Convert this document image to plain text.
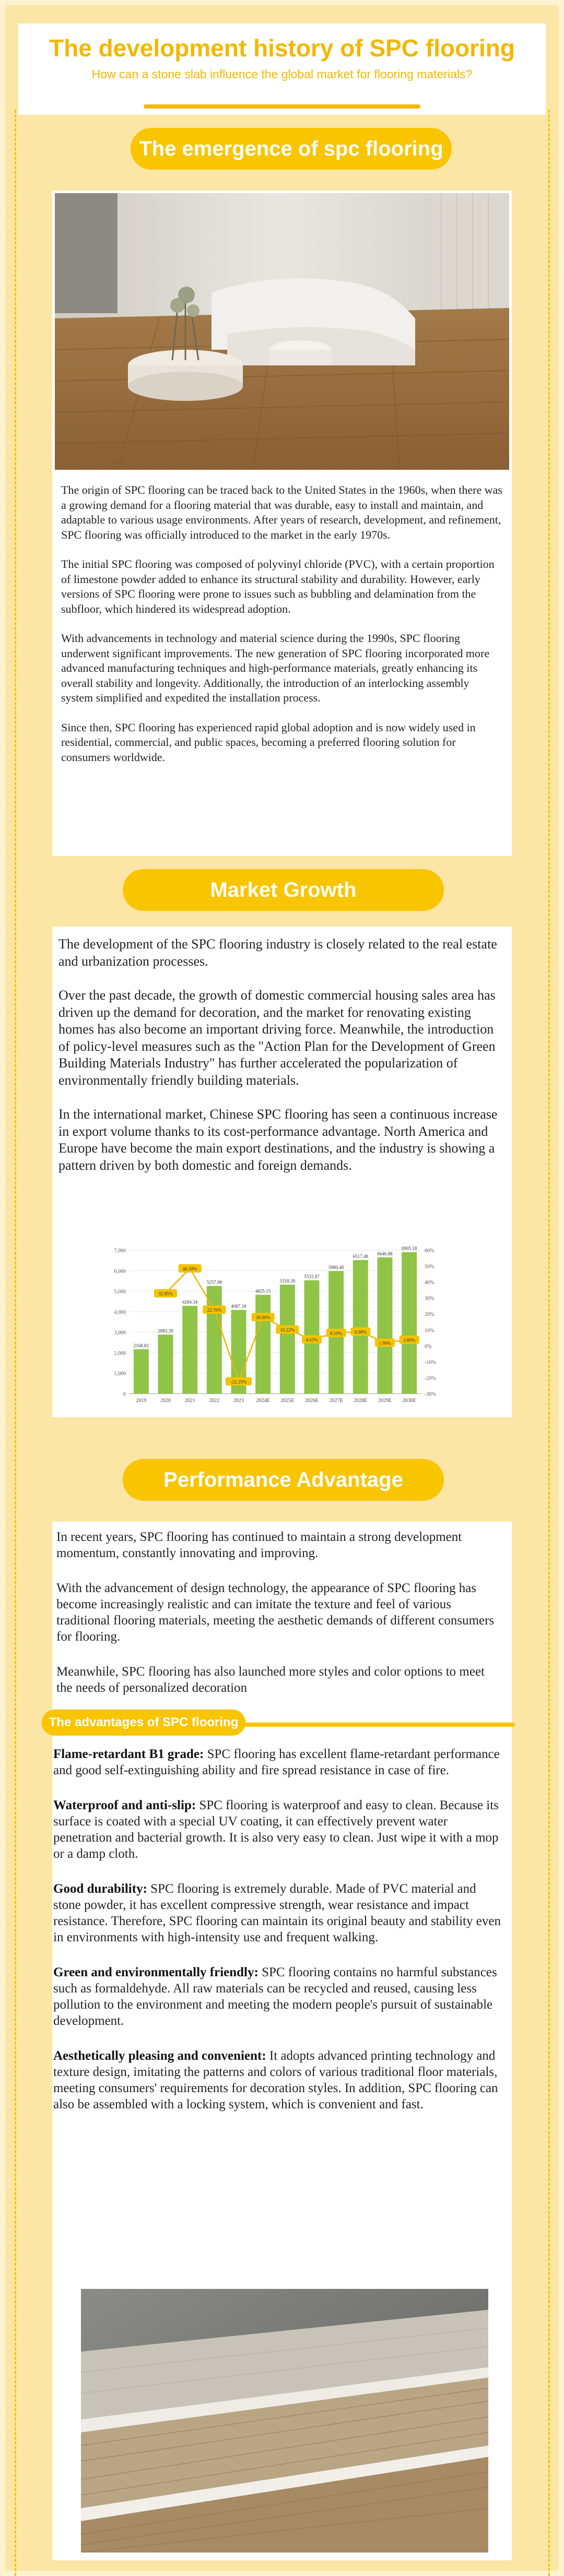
The development history of SPC flooring
How can a stone slab influence the global market for flooring materials?
The emergence of spc flooring

The origin of SPC flooring can be traced back to the United States in the 1960s, when there was a growing demand for a flooring material that was durable, easy to install and maintain, and adaptable to various usage environments. After years of research, development, and refinement, SPC flooring was officially introduced to the market in the early 1970s.

The initial SPC flooring was composed of polyvinyl chloride (PVC), with a certain proportion of limestone powder added to enhance its structural stability and durability. However, early versions of SPC flooring were prone to issues such as bubbling and delamination from the subfloor, which hindered its widespread adoption.

With advancements in technology and material science during the 1990s, SPC flooring underwent significant improvements. The new generation of SPC flooring incorporated more advanced manufacturing techniques and high-performance materials, greatly enhancing its overall stability and longevity. Additionally, the introduction of an interlocking assembly system simplified and expedited the installation process.

Since then, SPC flooring has experienced rapid global adoption and is now widely used in residential, commercial, and public spaces, becoming a preferred flooring solution for consumers worldwide.

Market Growth

The development of the SPC flooring industry is closely related to the real estate and urbanization processes.

Over the past decade, the growth of domestic commercial housing sales area has driven up the demand for decoration, and the market for renovating existing homes has also become an important driving force. Meanwhile, the introduction of policy-level measures such as the "Action Plan for the Development of Green Building Materials Industry" has further accelerated the popularization of environmentally friendly building materials.

In the international market, Chinese SPC flooring has seen a continuous increase in export volume thanks to its cost-performance advantage. North America and Europe have become the main export destinations, and the industry is showing a pattern driven by both domestic and foreign demands.

7,000
6,000
5,000
4,000
3,000
2,000
1,000
0
60%
50%
40%
30%
20%
10%
0%
-10%
-20%
-30%
2168.82
2019
2883.39
2020
4284.34
2021
5257.08
2022
4087.18
2023
4825.15
2024E
5318.39
2025E
5532.47
2026E
5980.48
2027E
6517.48
2028E
6646.88
2029E
6905.18
2030E
32.95%
48.59%
22.70%
-22.25%
18.06%
10.22%
4.03%
8.10%	8.98%
1.99%
3.89%
Performance Advantage

In recent years, SPC flooring has continued to maintain a strong development momentum, constantly innovating and improving.

With the advancement of design technology, the appearance of SPC flooring has become increasingly realistic and can imitate the texture and feel of various traditional flooring materials, meeting the aesthetic demands of different consumers for flooring.

Meanwhile, SPC flooring has also launched more styles and color options to meet the needs of personalized decoration

Flame-retardant B1 grade: SPC flooring has excellent flame-retardant performance and good self-extinguishing ability and fire spread resistance in case of fire.

Waterproof and anti-slip: SPC flooring is waterproof and easy to clean. Because its surface is coated with a special UV coating, it can effectively prevent water penetration and bacterial growth. It is also very easy to clean. Just wipe it with a mop or a damp cloth.

Good durability: SPC flooring is extremely durable. Made of PVC material and stone powder, it has excellent compressive strength, wear resistance and impact resistance. Therefore, SPC flooring can maintain its original beauty and stability even in environments with high-intensity use and frequent walking.

Green and environmentally friendly: SPC flooring contains no harmful substances such as formaldehyde. All raw materials can be recycled and reused, causing less pollution to the environment and meeting the modern people's pursuit of sustainable development.

Aesthetically pleasing and convenient: It adopts advanced printing technology and texture design, imitating the patterns and colors of various traditional floor materials, meeting consumers' requirements for decoration styles. In addition, SPC flooring can also be assembled with a locking system, which is convenient and fast.

The advantages of SPC flooring
